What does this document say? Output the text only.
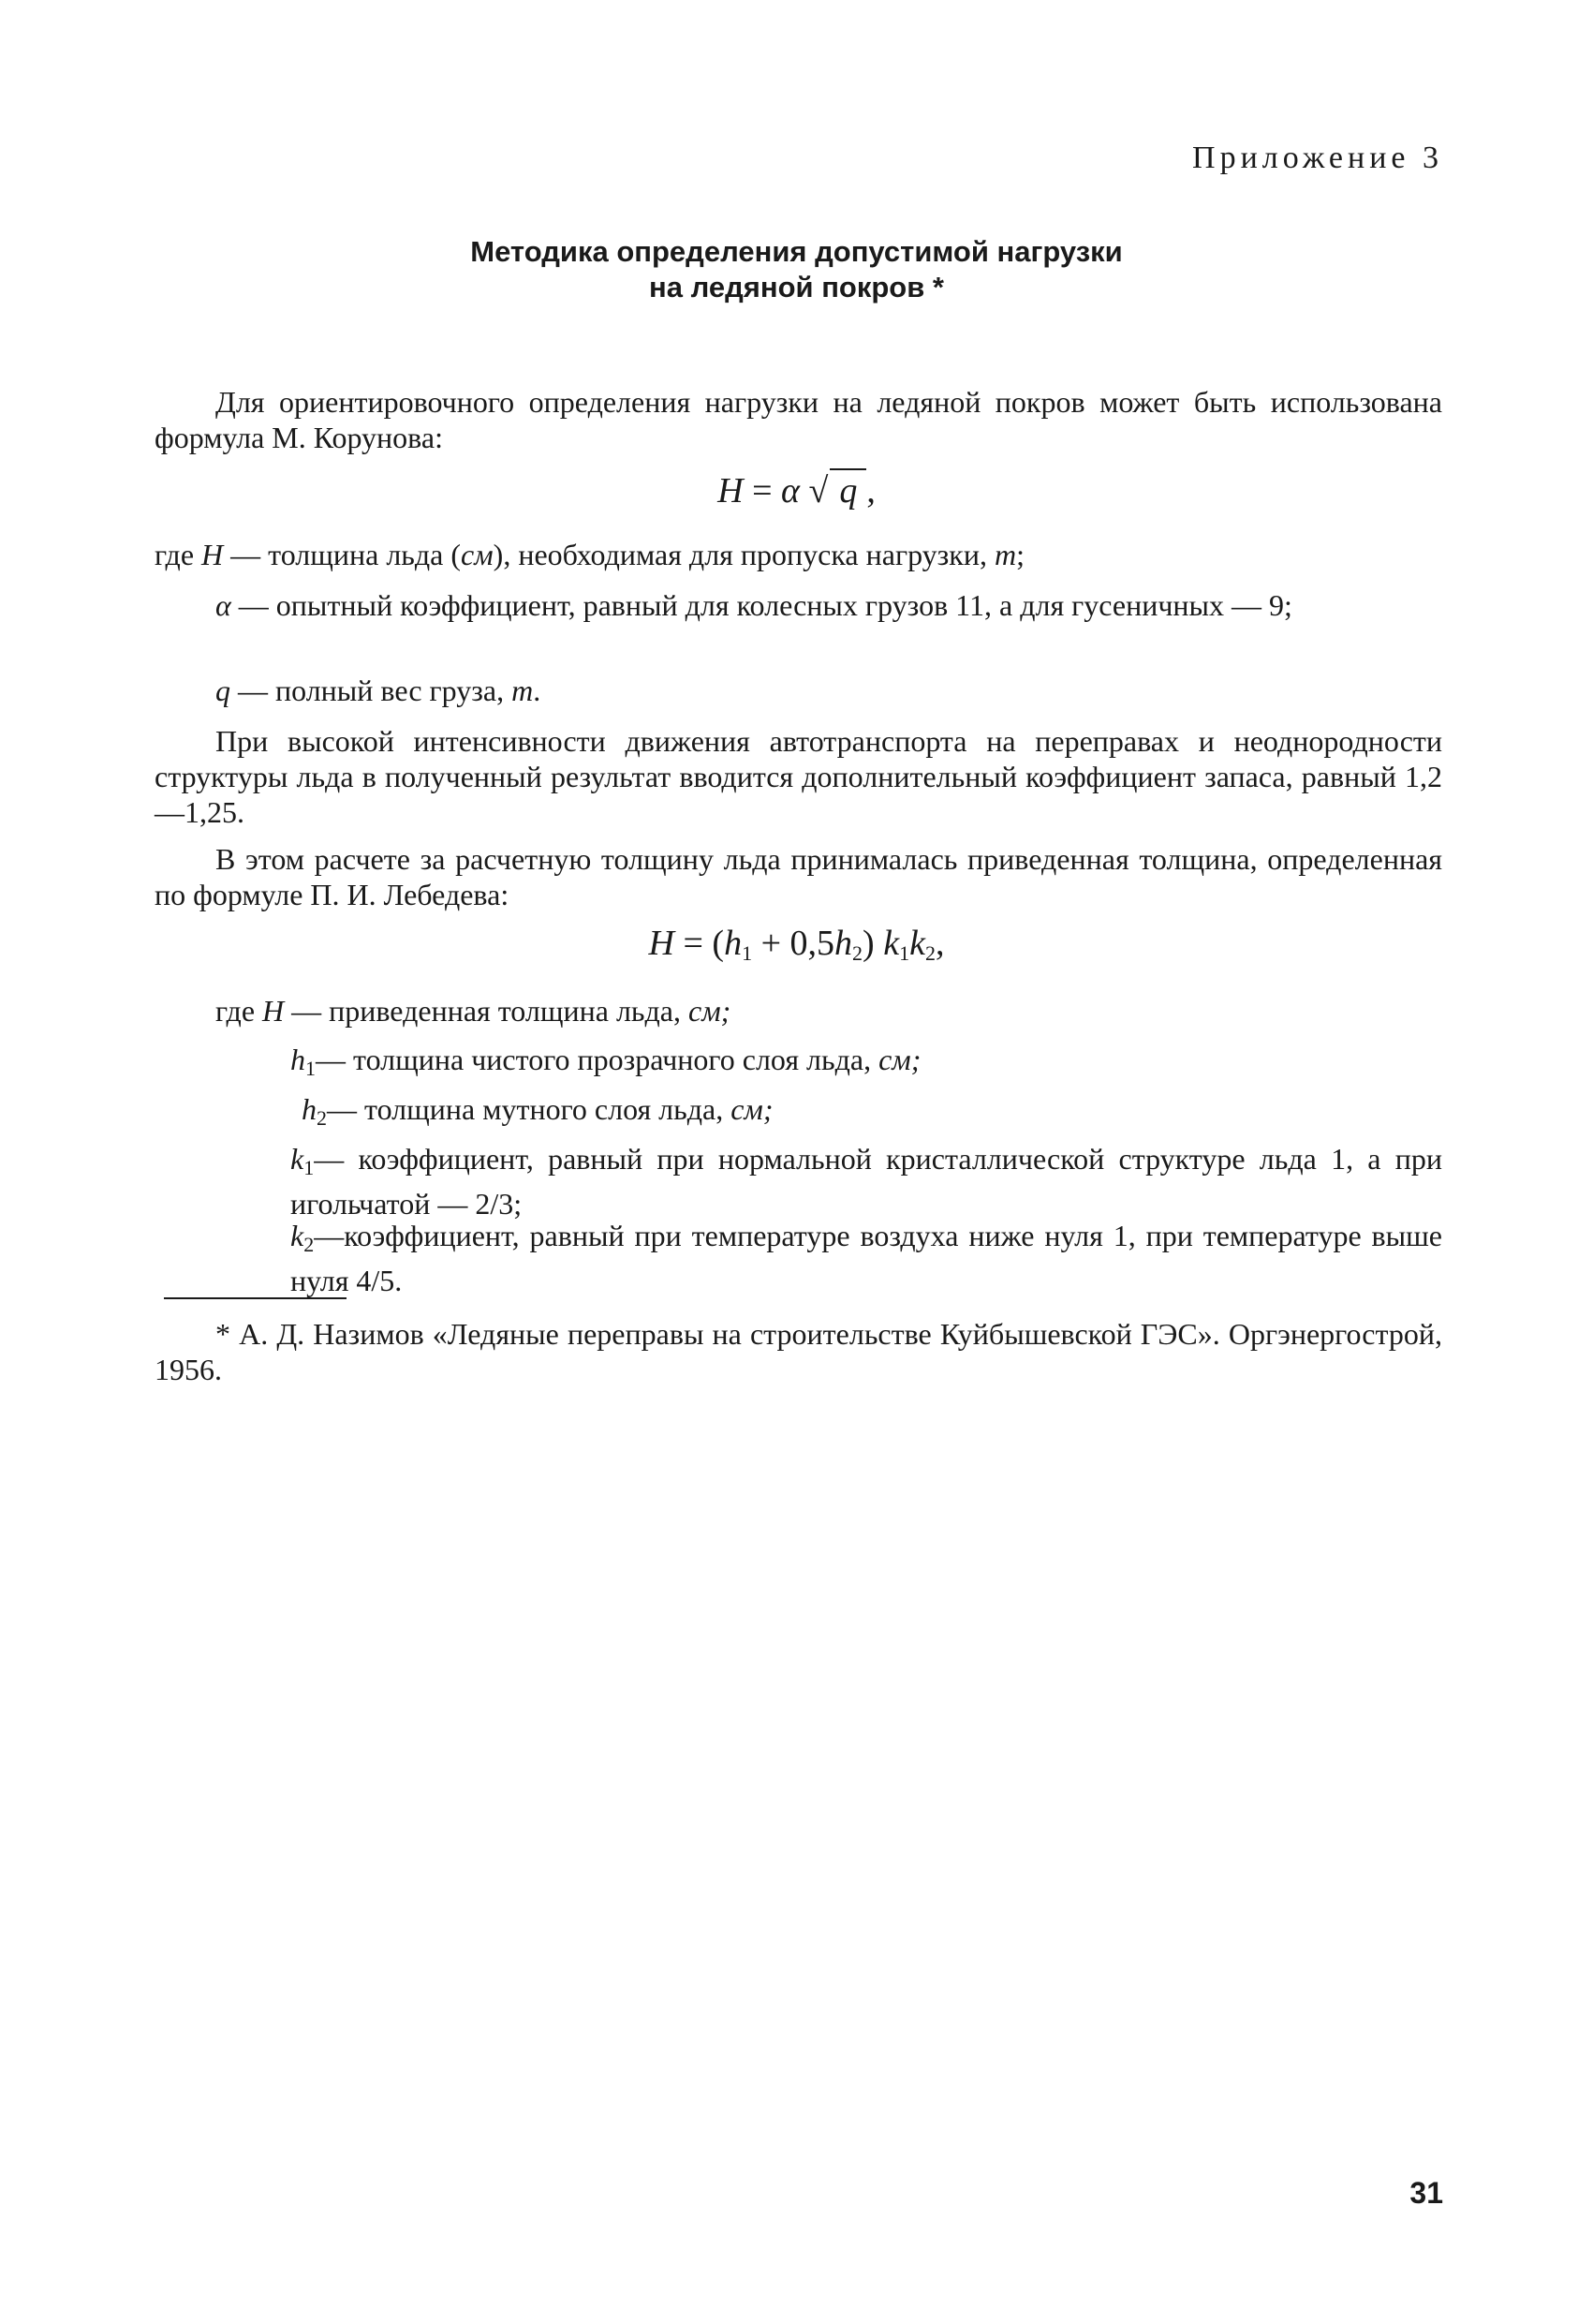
Приложение 3
Методика определения допустимой нагрузки
на ледяной покров *
Для ориентировочного определения нагрузки на ледяной покров может быть использована формула М. Корунова:
H = α √ q ,
где H — толщина льда (см), необходимая для пропуска нагрузки, т;
α — опытный коэффициент, равный для колесных грузов 11, а для гусеничных — 9;
q — полный вес груза, т.
При высокой интенсивности движения автотранспорта на переправах и неоднородности структуры льда в полученный результат вводится дополнительный коэффициент запаса, равный 1,2—1,25.
В этом расчете за расчетную толщину льда принималась приведенная толщина, определенная по формуле П. И. Лебедева:
$H = (h_1 + 0,5h_2)$ $k_1k_2$,
где H — приведенная толщина льда, см;
$h_1—$ толщина чистого прозрачного слоя льда, см;
$h_2—$ толщина мутного слоя льда, см;
$k_1—$ коэффициент, равный при нормальной кристаллической структуре льда 1, а при игольчатой — 2/3;
$k_2—коэффициент$, равный при температуре воздуха ниже нуля 1, при температуре выше нуля 4/5.
* А. Д. Назимов «Ледяные переправы на строительстве Куйбышевской ГЭС». Оргэнергострой, 1956.
31
